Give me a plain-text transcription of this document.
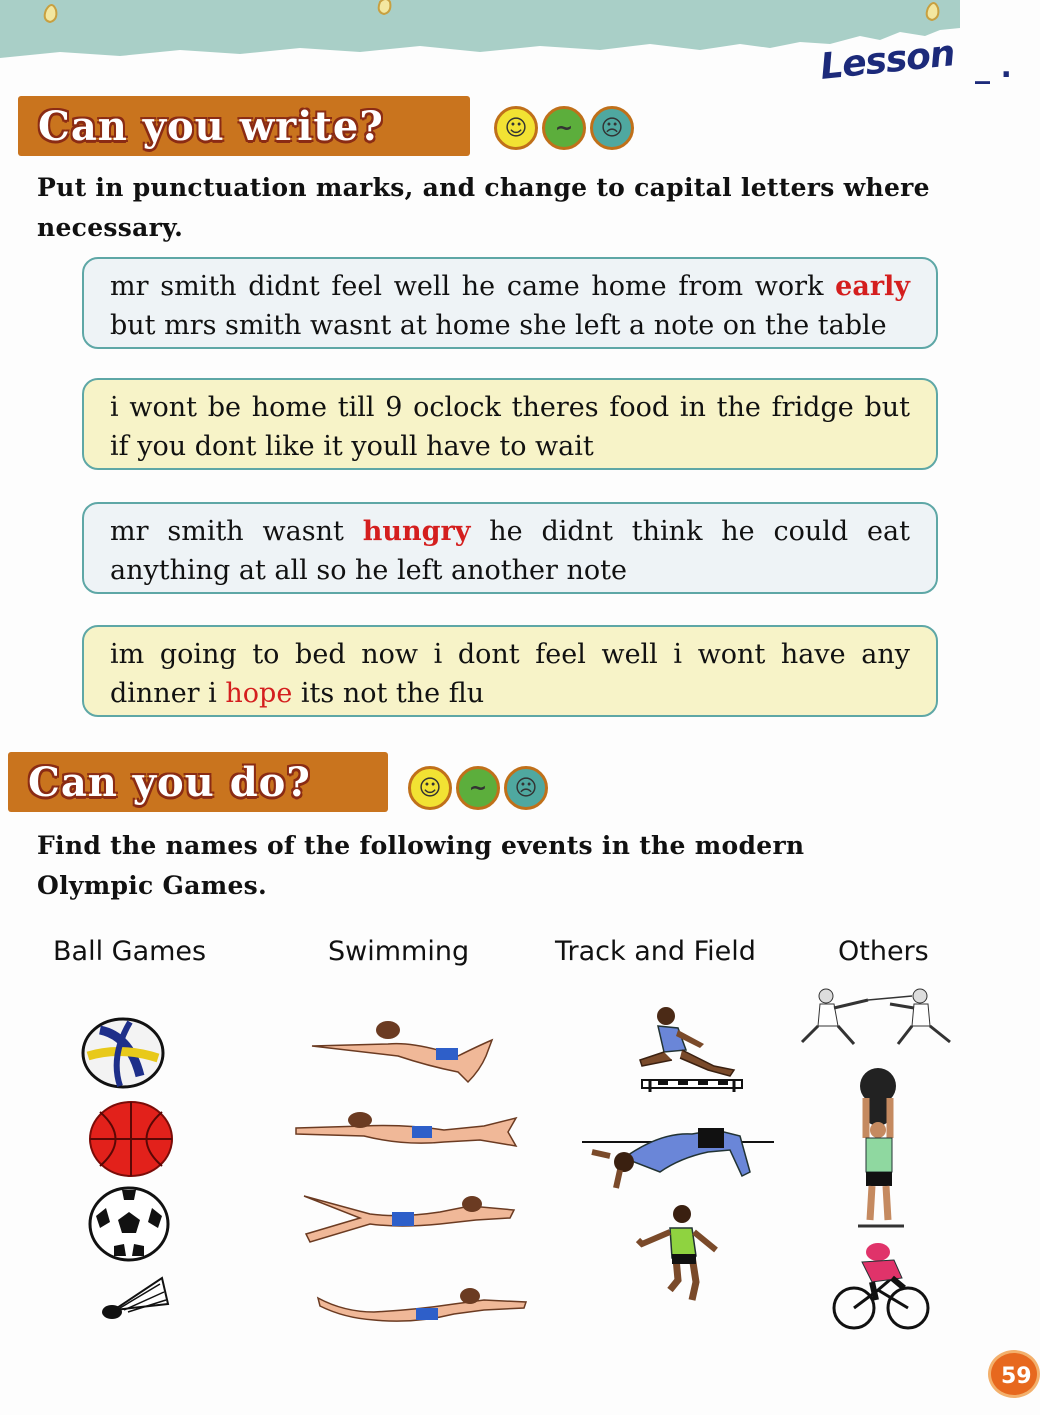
Lesson _ .
Can you write?	☺	~	☹
Put in punctuation marks, and change to capital letters where necessary.
mr smith didnt feel well he came home from work early but mrs smith wasnt at home she left a note on the table
i wont be home till 9 oclock theres food in the fridge but if you dont like it youll have to wait
mr smith wasnt hungry he didnt think he could eat anything at all so he left another note
im going to bed now i dont feel well i wont have any dinner i hope its not the flu
Can you do?	☺	~	☹
Find the names of the following events in the modern Olympic Games.
Ball Games	Swimming	Track and Field	Others
59
